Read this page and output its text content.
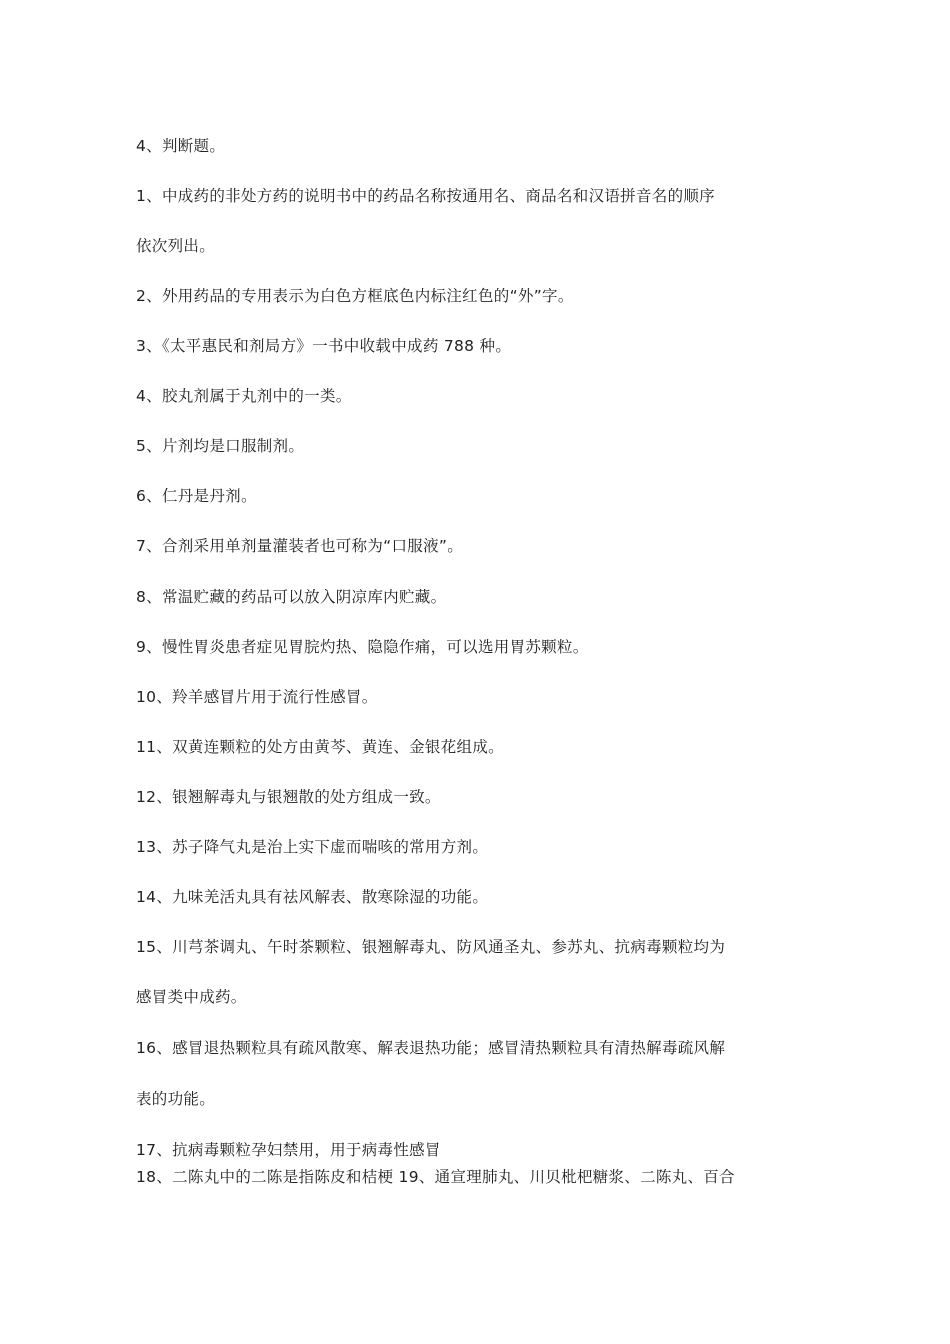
4、判断题。
1、中成药的非处方药的说明书中的药品名称按通用名、商品名和汉语拼音名的顺序
依次列出。
2、外用药品的专用表示为白色方框底色内标注红色的“外”字。
3、《太平惠民和剂局方》一书中收载中成药 788 种。
4、胶丸剂属于丸剂中的一类。
5、片剂均是口服制剂。
6、仁丹是丹剂。
7、合剂采用单剂量灌装者也可称为“口服液”。
8、常温贮藏的药品可以放入阴凉库内贮藏。
9、慢性胃炎患者症见胃脘灼热、隐隐作痛，可以选用胃苏颗粒。
10、羚羊感冒片用于流行性感冒。
11、双黄连颗粒的处方由黄芩、黄连、金银花组成。
12、银翘解毒丸与银翘散的处方组成一致。
13、苏子降气丸是治上实下虚而喘咳的常用方剂。
14、九味羌活丸具有祛风解表、散寒除湿的功能。
15、川芎茶调丸、午时茶颗粒、银翘解毒丸、防风通圣丸、参苏丸、抗病毒颗粒均为
感冒类中成药。
16、感冒退热颗粒具有疏风散寒、解表退热功能；感冒清热颗粒具有清热解毒疏风解
表的功能。
17、抗病毒颗粒孕妇禁用，用于病毒性感冒
18、二陈丸中的二陈是指陈皮和桔梗 19、通宣理肺丸、川贝枇杷糖浆、二陈丸、百合
